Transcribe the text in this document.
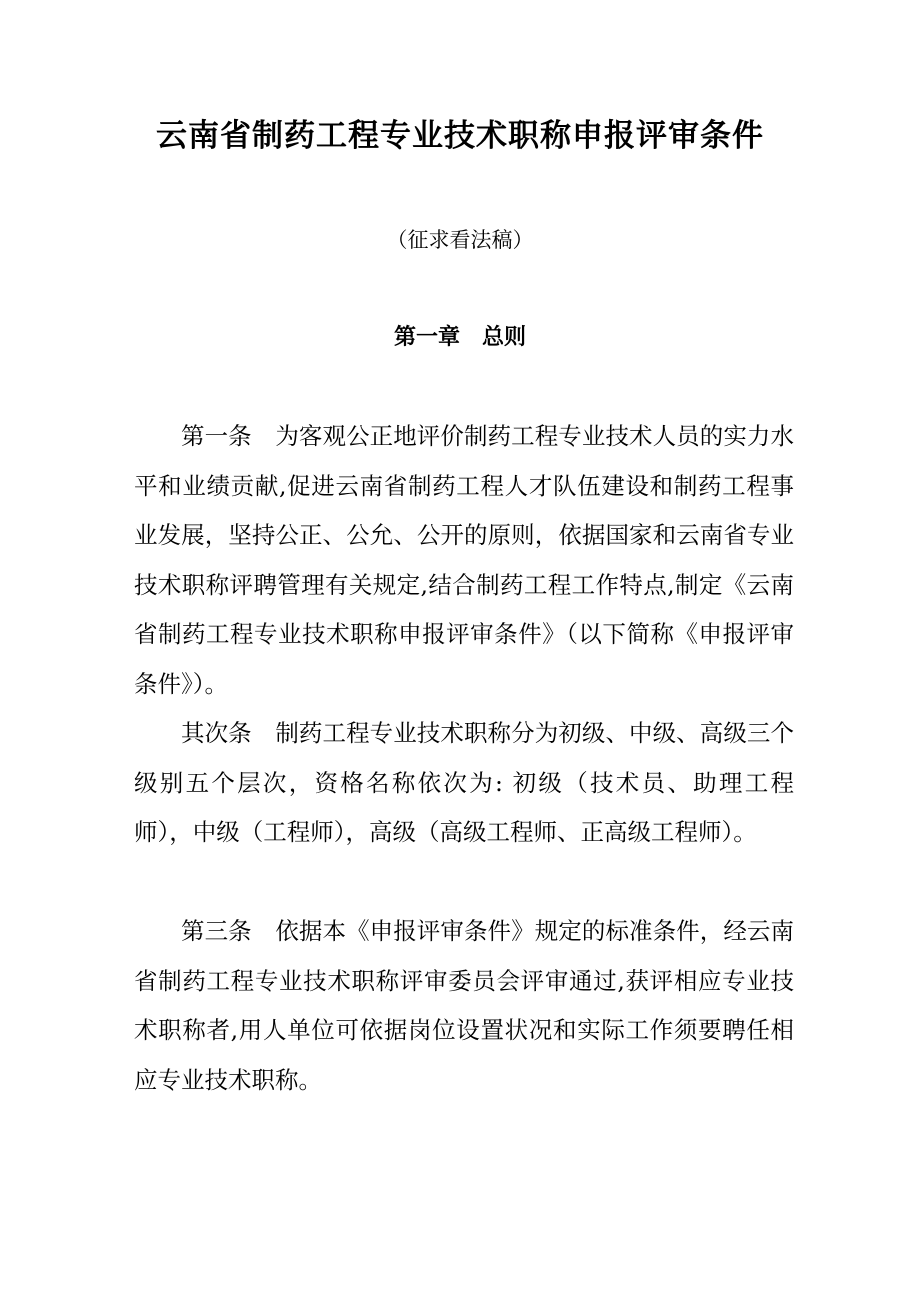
云南省制药工程专业技术职称申报评审条件
（征求看法稿）
第一章　总则

第一条　为客观公正地评价制药工程专业技术人员的实力水平和业绩贡献,促进云南省制药工程人才队伍建设和制药工程事业发展，坚持公正、公允、公开的原则，依据国家和云南省专业技术职称评聘管理有关规定,结合制药工程工作特点,制定《云南省制药工程专业技术职称申报评审条件》（以下简称《申报评审条件》）。

其次条　制药工程专业技术职称分为初级、中级、高级三个级别五个层次，资格名称依次为: 初级（技术员、助理工程师），中级（工程师），高级（高级工程师、正高级工程师）。

第三条　依据本《申报评审条件》规定的标准条件，经云南省制药工程专业技术职称评审委员会评审通过,获评相应专业技术职称者,用人单位可依据岗位设置状况和实际工作须要聘任相应专业技术职称。
